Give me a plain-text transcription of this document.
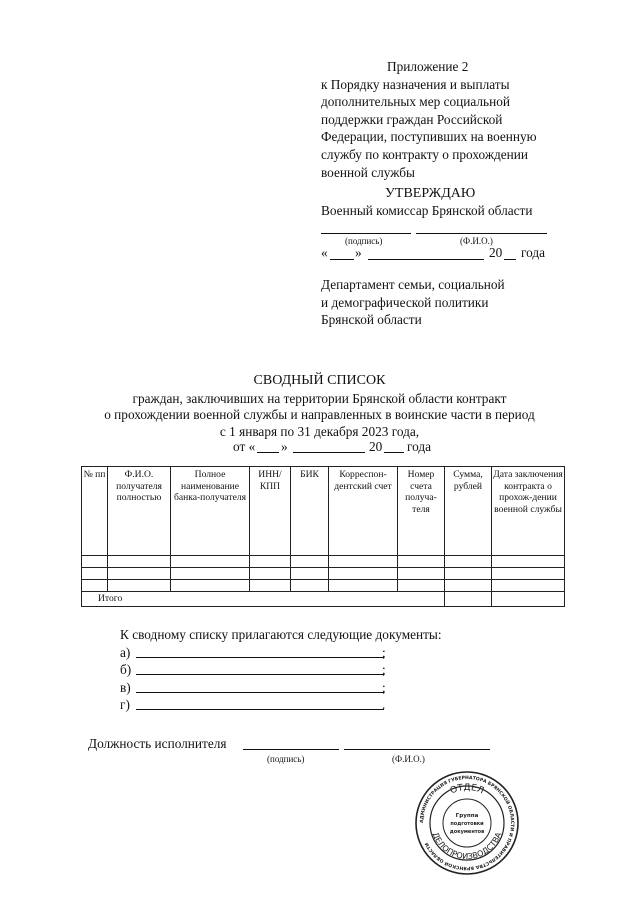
Приложение 2
к Порядку назначения и выплаты
дополнительных мер социальной
поддержки граждан Российской
Федерации, поступивших на военную
службу по контракту о прохождении
военной службы
УТВЕРЖДАЮ
Военный комиссар Брянской области
(подпись)	(Ф.И.О.)
« »	20 года
Департамент семьи, социальной
и демографической политики
Брянской области
СВОДНЫЙ СПИСОК
граждан, заключивших на территории Брянской области контракт
о прохождении военной службы и направленных в воинские части в период
с 1 января по 31 декабря 2023 года,
от « »	20 года
№ пп	Ф.И.О. получателя полностью	Полное наименование банка-получателя	ИНН/ КПП	БИК	Корреспон-дентский счет	Номер счета получа-теля	Сумма, рублей	Дата заключения контракта о прохож-дении военной службы

Итого								
К сводному списку прилагаются следующие документы:
а)	;
б)	;
в)	;
г)	.
Должность исполнителя
(подпись)	(Ф.И.О.)
АДМИНИСТРАЦИЯ ГУБЕРНАТОРА БРЯНСКОЙ ОБЛАСТИ И ПРАВИТЕЛЬСТВА БРЯНСКОЙ ОБЛАСТИ
ОТДЕЛ
ДЕЛОПРОИЗВОДСТВА
Группа
подготовки
документов
